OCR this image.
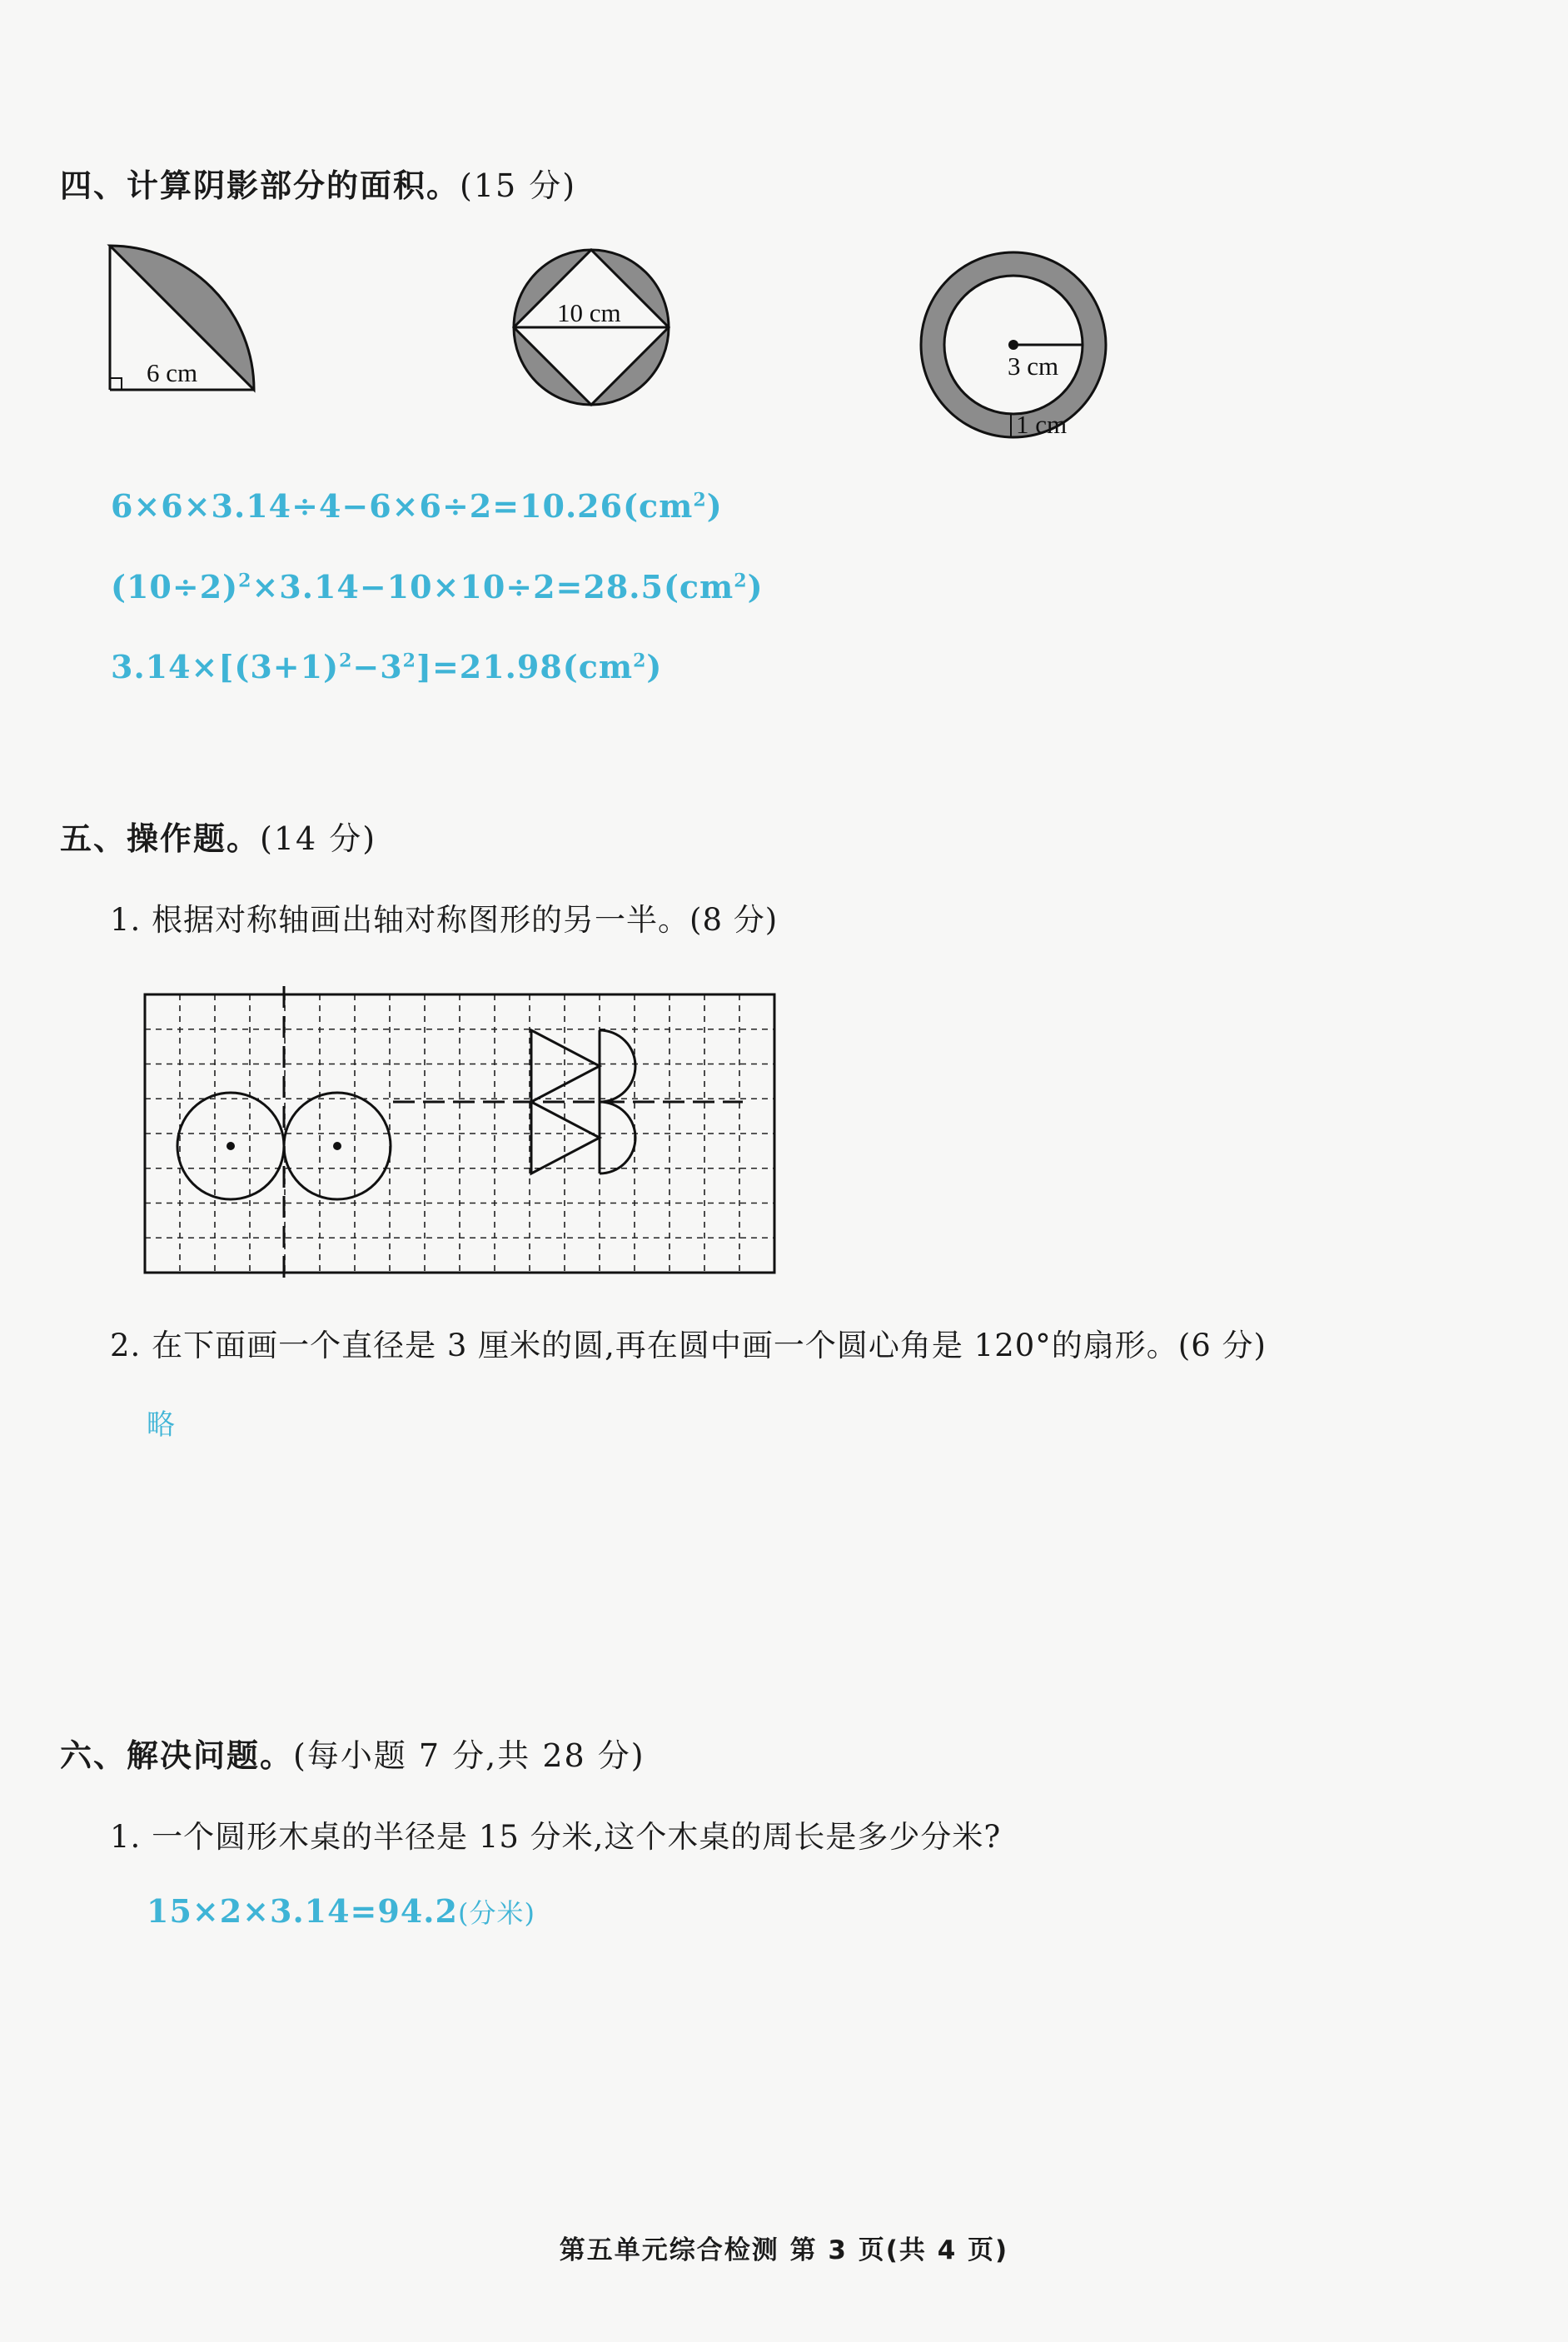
四、计算阴影部分的面积。(15 分)
6 cm
10 cm
3 cm
1 cm
$6\times 6\times 3.14\div 4-6\times 6\div 2=10.26(cm^2)$
$(10\div 2)^2\times 3.14-10\times 10\div 2=28.5(cm^2)$
$3.14\times[(3+1)^2-3^2]=21.98(cm^2)$
五、操作题。(14 分)
1. 根据对称轴画出轴对称图形的另一半。(8 分)
2. 在下面画一个直径是 3 厘米的圆,再在圆中画一个圆心角是 120°的扇形。(6 分)
略
六、解决问题。(每小题 7 分,共 28 分)
1. 一个圆形木桌的半径是 15 分米,这个木桌的周长是多少分米?
15×2×3.14=94.2(分米)
第五单元综合检测 第 3 页(共 4 页)
